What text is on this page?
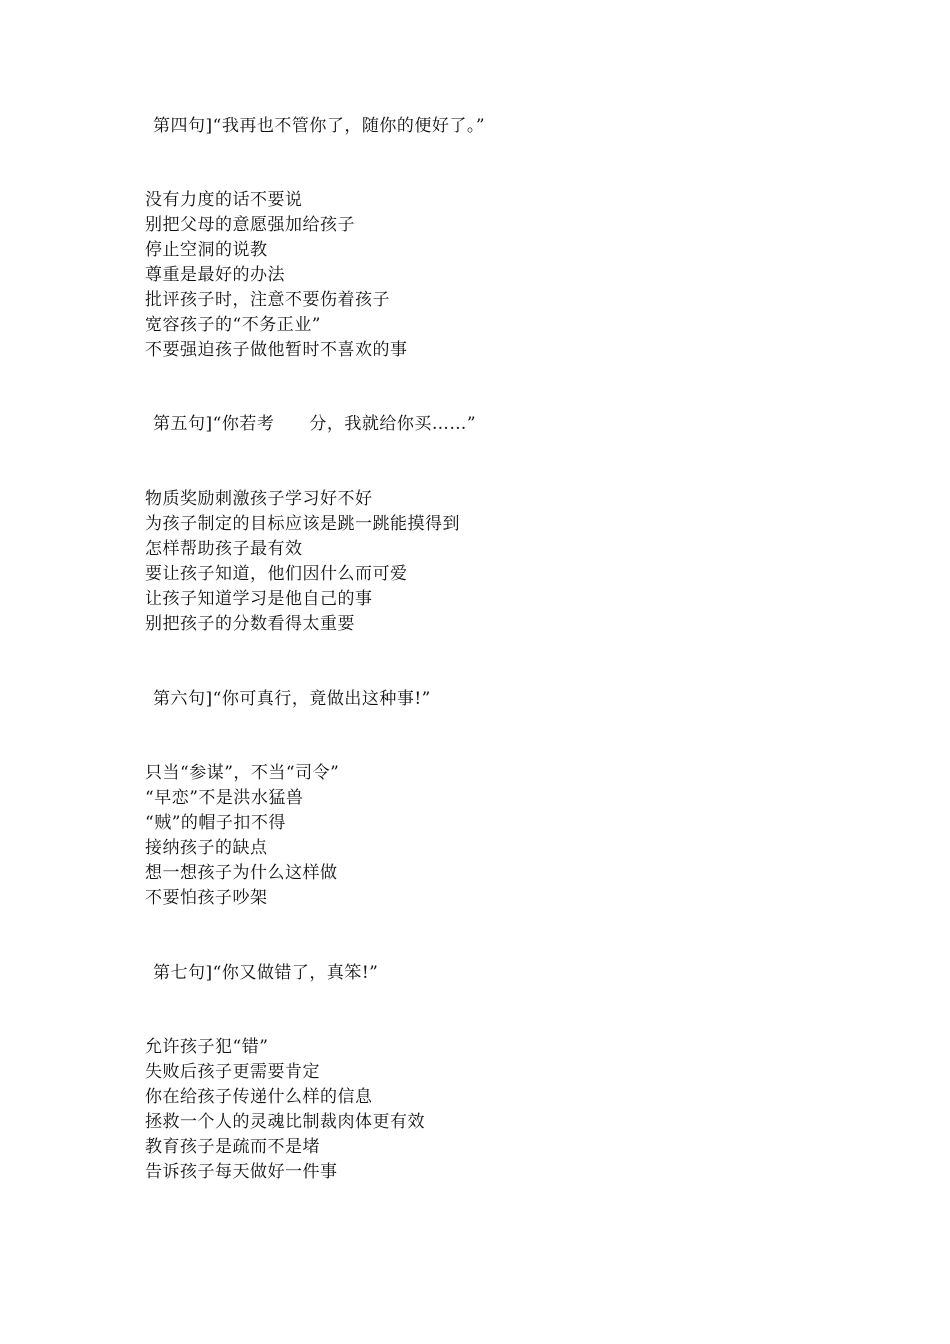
第四句]“我再也不管你了，随你的便好了。”
没有力度的话不要说
别把父母的意愿强加给孩子
停止空洞的说教
尊重是最好的办法
批评孩子时，注意不要伤着孩子
宽容孩子的“不务正业”
不要强迫孩子做他暂时不喜欢的事
第五句]“你若考　　分，我就给你买……”
物质奖励刺激孩子学习好不好
为孩子制定的目标应该是跳一跳能摸得到
怎样帮助孩子最有效
要让孩子知道，他们因什么而可爱
让孩子知道学习是他自己的事
别把孩子的分数看得太重要
第六句]“你可真行，竟做出这种事!”
只当“参谋”，不当“司令”
“早恋”不是洪水猛兽
“贼”的帽子扣不得
接纳孩子的缺点
想一想孩子为什么这样做
不要怕孩子吵架
第七句]“你又做错了，真笨!”
允许孩子犯“错”
失败后孩子更需要肯定
你在给孩子传递什么样的信息
拯救一个人的灵魂比制裁肉体更有效
教育孩子是疏而不是堵
告诉孩子每天做好一件事
